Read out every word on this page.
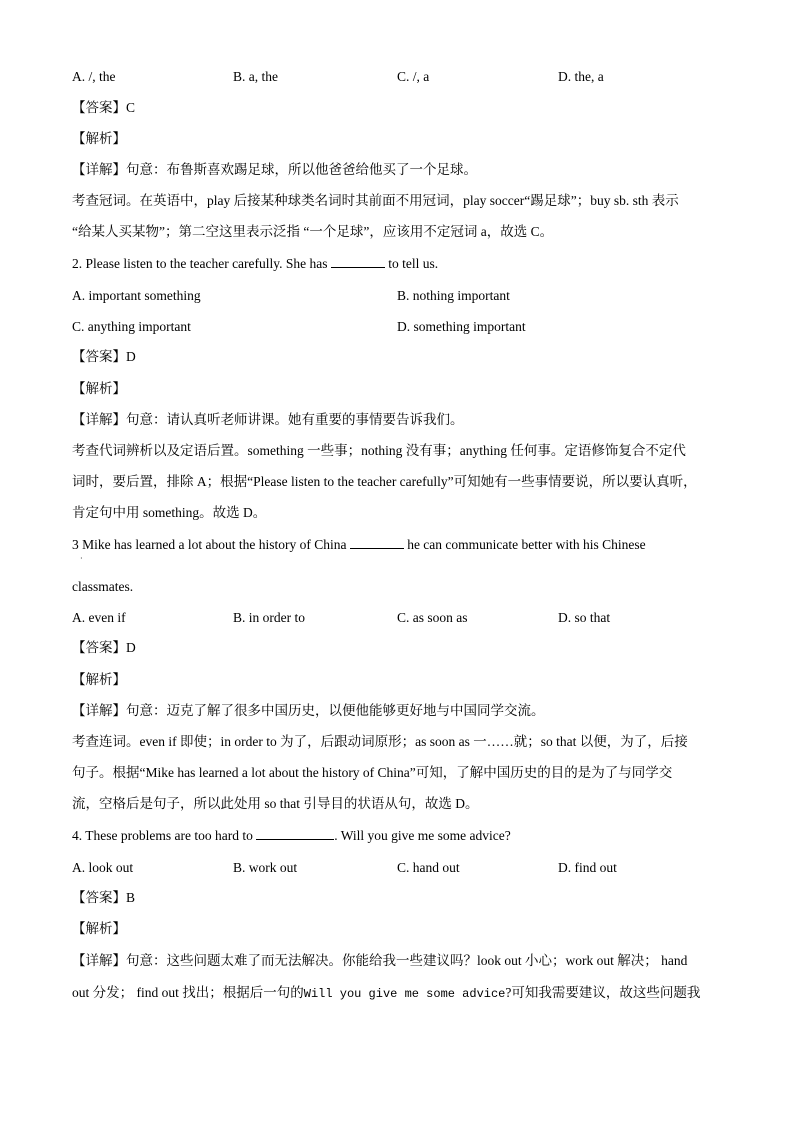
A. /, the	B. a, the	C. /, a	D. the, a
【答案】C
【解析】
【详解】句意：布鲁斯喜欢踢足球，所以他爸爸给他买了一个足球。
考查冠词。在英语中，play 后接某种球类名词时其前面不用冠词，play soccer“踢足球”；buy sb. sth 表示
“给某人买某物”；第二空这里表示泛指 “一个足球”，应该用不定冠词 a，故选 C。
2. Please listen to the teacher carefully. She has	to tell us.
A. important something	B. nothing important
C. anything important	D. something important
【答案】D
【解析】
【详解】句意：请认真听老师讲课。她有重要的事情要告诉我们。
考查代词辨析以及定语后置。something 一些事；nothing 没有事；anything 任何事。定语修饰复合不定代
词时，要后置，排除 A；根据“Please listen to the teacher carefully”可知她有一些事情要说，所以要认真听，
肯定句中用 something。故选 D。
3 Mike has learned a lot about the history of China	he can communicate better with his Chinese
·
classmates.
A. even if	B. in order to	C. as soon as	D. so that
【答案】D
【解析】
【详解】句意：迈克了解了很多中国历史，以便他能够更好地与中国同学交流。
考查连词。even if 即使；in order to 为了，后跟动词原形；as soon as 一……就；so that 以便，为了，后接
句子。根据“Mike has learned a lot about the history of China”可知，了解中国历史的目的是为了与同学交
流，空格后是句子，所以此处用 so that 引导目的状语从句，故选 D。
4. These problems are too hard to	. Will you give me some advice?
A. look out	B. work out	C. hand out	D. find out
【答案】B
【解析】
【详解】句意：这些问题太难了而无法解决。你能给我一些建议吗？look out 小心；work out 解决； hand
out 分发； find out 找出；根据后一句的Will you give me some advice?可知我需要建议，故这些问题我
